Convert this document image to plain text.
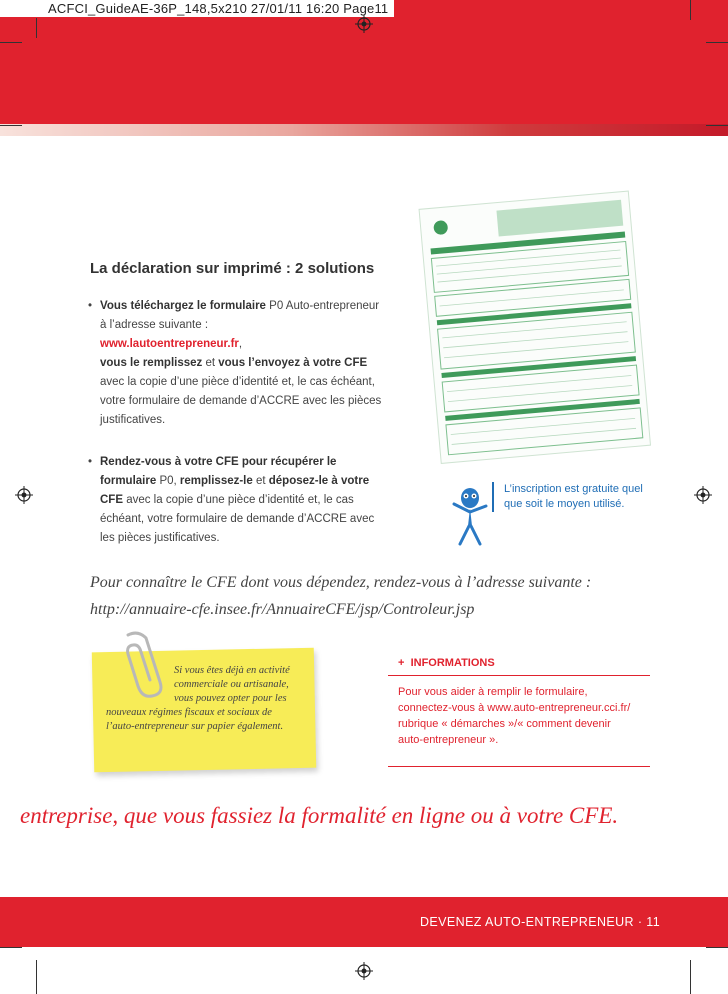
ACFCI_GuideAE-36P_148,5x210 27/01/11 16:20 Page11
La déclaration sur imprimé : 2 solutions

• Vous téléchargez le formulaire P0 Auto-entrepreneur

à l’adresse suivante :

www.lautoentrepreneur.fr,

vous le remplissez et vous l’envoyez à votre CFE

avec la copie d’une pièce d’identité et, le cas échéant,

votre formulaire de demande d’ACCRE avec les pièces

justificatives.

• Rendez-vous à votre CFE pour récupérer le

formulaire P0, remplissez-le et déposez-le à votre

CFE avec la copie d’une pièce d’identité et, le cas

échéant, votre formulaire de demande d’ACCRE avec

les pièces justificatives.

L’inscription est gratuite quel que soit le moyen utilisé.
Pour connaître le CFE dont vous dépendez, rendez-vous à l’adresse suivante :
http://annuaire-cfe.insee.fr/AnnuaireCFE/jsp/Controleur.jsp
Si vous êtes déjà en activité
commerciale ou artisanale,
vous pouvez opter pour les
nouveaux régimes fiscaux et sociaux de
l’auto-entrepreneur sur papier également.
+ INFORMATIONS
Pour vous aider à remplir le formulaire,
connectez-vous à www.auto-entrepreneur.cci.fr/
rubrique « démarches »/« comment devenir
auto-entrepreneur ».
entreprise, que vous fassiez la formalité en ligne ou à votre CFE.
DEVENEZ AUTO-ENTREPRENEUR · 11
